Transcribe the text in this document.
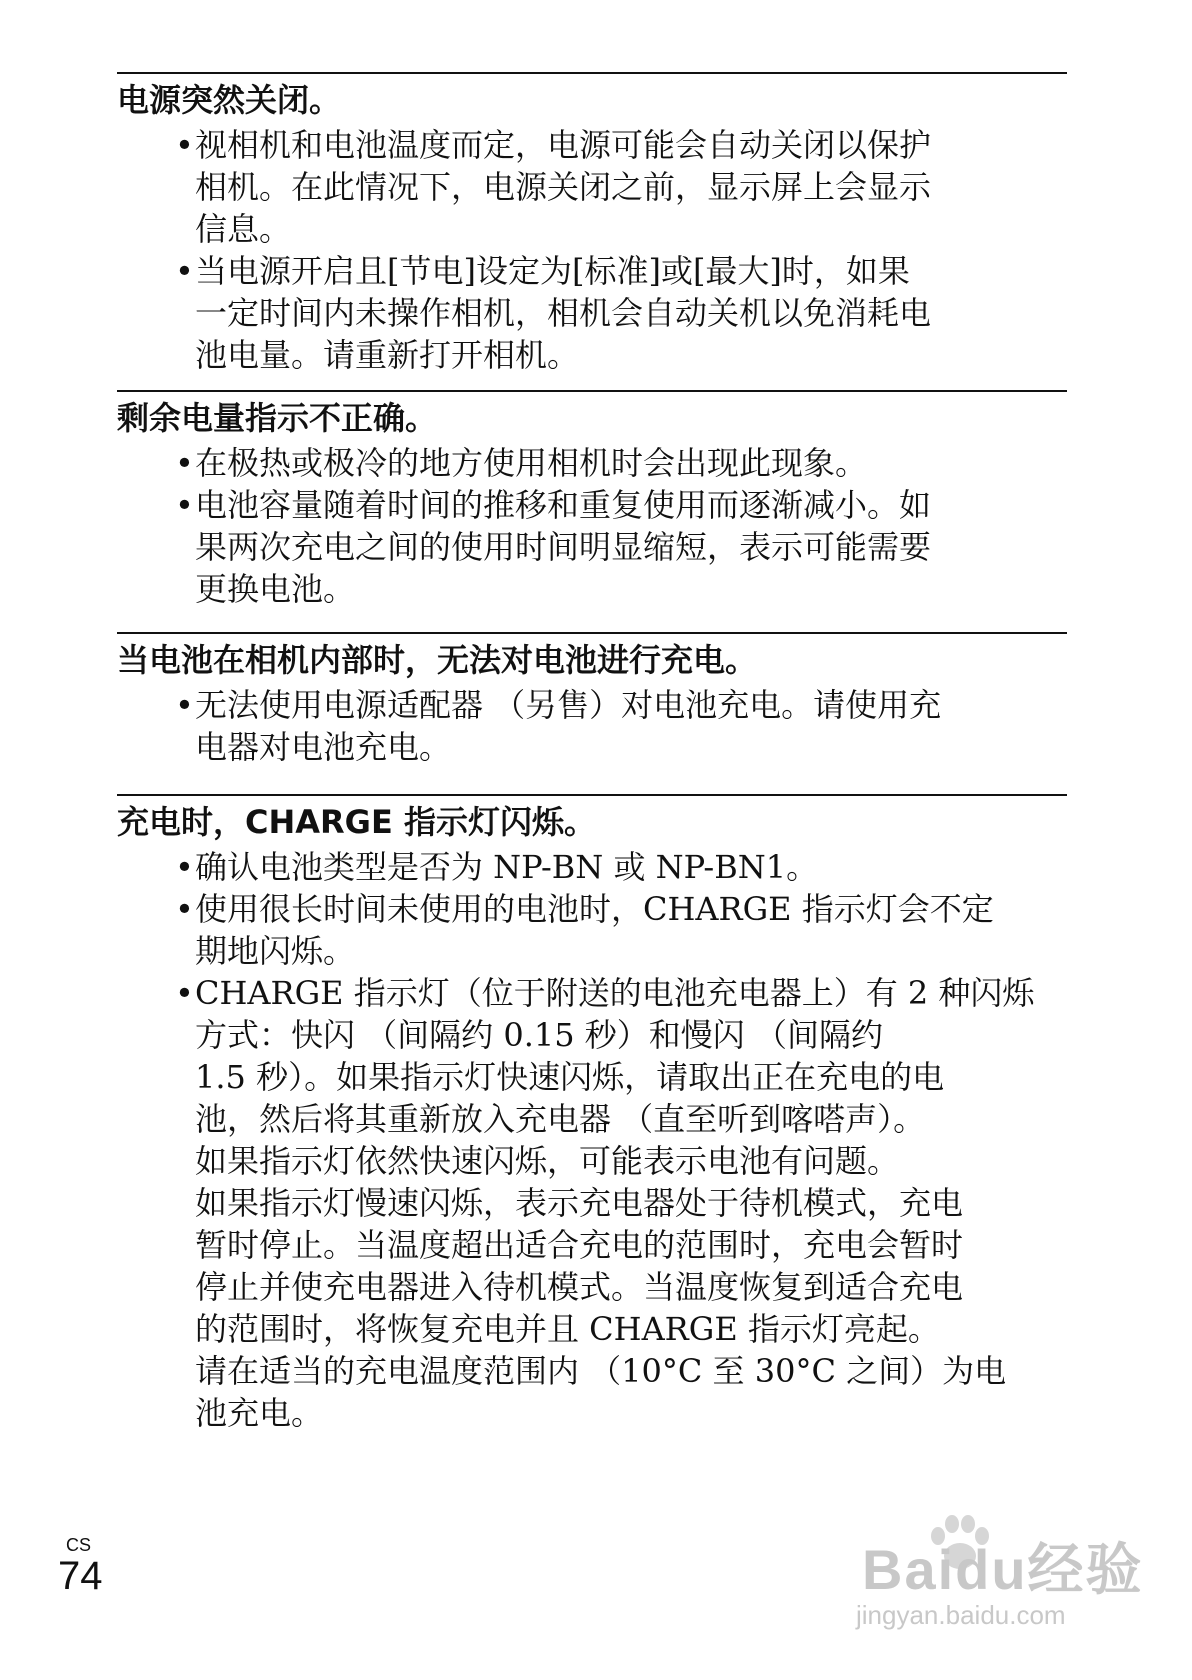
电源突然关闭。
• 视相机和电池温度而定，电源可能会自动关闭以保护
相机。在此情况下，电源关闭之前，显示屏上会显示
信息。
• 当电源开启且[节电]设定为[标准]或[最大]时，如果
一定时间内未操作相机，相机会自动关机以免消耗电
池电量。请重新打开相机。
剩余电量指示不正确。
• 在极热或极冷的地方使用相机时会出现此现象。
• 电池容量随着时间的推移和重复使用而逐渐减小。如
果两次充电之间的使用时间明显缩短，表示可能需要
更换电池。
当电池在相机内部时，无法对电池进行充电。
• 无法使用电源适配器 （另售）对电池充电。请使用充
电器对电池充电。
充电时，CHARGE 指示灯闪烁。
• 确认电池类型是否为 NP-BN 或 NP-BN1。
• 使用很长时间未使用的电池时，CHARGE 指示灯会不定
期地闪烁。
• CHARGE 指示灯（位于附送的电池充电器上）有 2 种闪烁
方式：快闪 （间隔约 0.15 秒）和慢闪 （间隔约
1.5 秒）。如果指示灯快速闪烁，请取出正在充电的电
池，然后将其重新放入充电器 （直至听到喀嗒声）。
如果指示灯依然快速闪烁，可能表示电池有问题。
如果指示灯慢速闪烁，表示充电器处于待机模式，充电
暂时停止。当温度超出适合充电的范围时，充电会暂时
停止并使充电器进入待机模式。当温度恢复到适合充电
的范围时，将恢复充电并且 CHARGE 指示灯亮起。
请在适当的充电温度范围内 （10°C 至 30°C 之间）为电
池充电。
CS
74	Baidu经验
jingyan.baidu.com
